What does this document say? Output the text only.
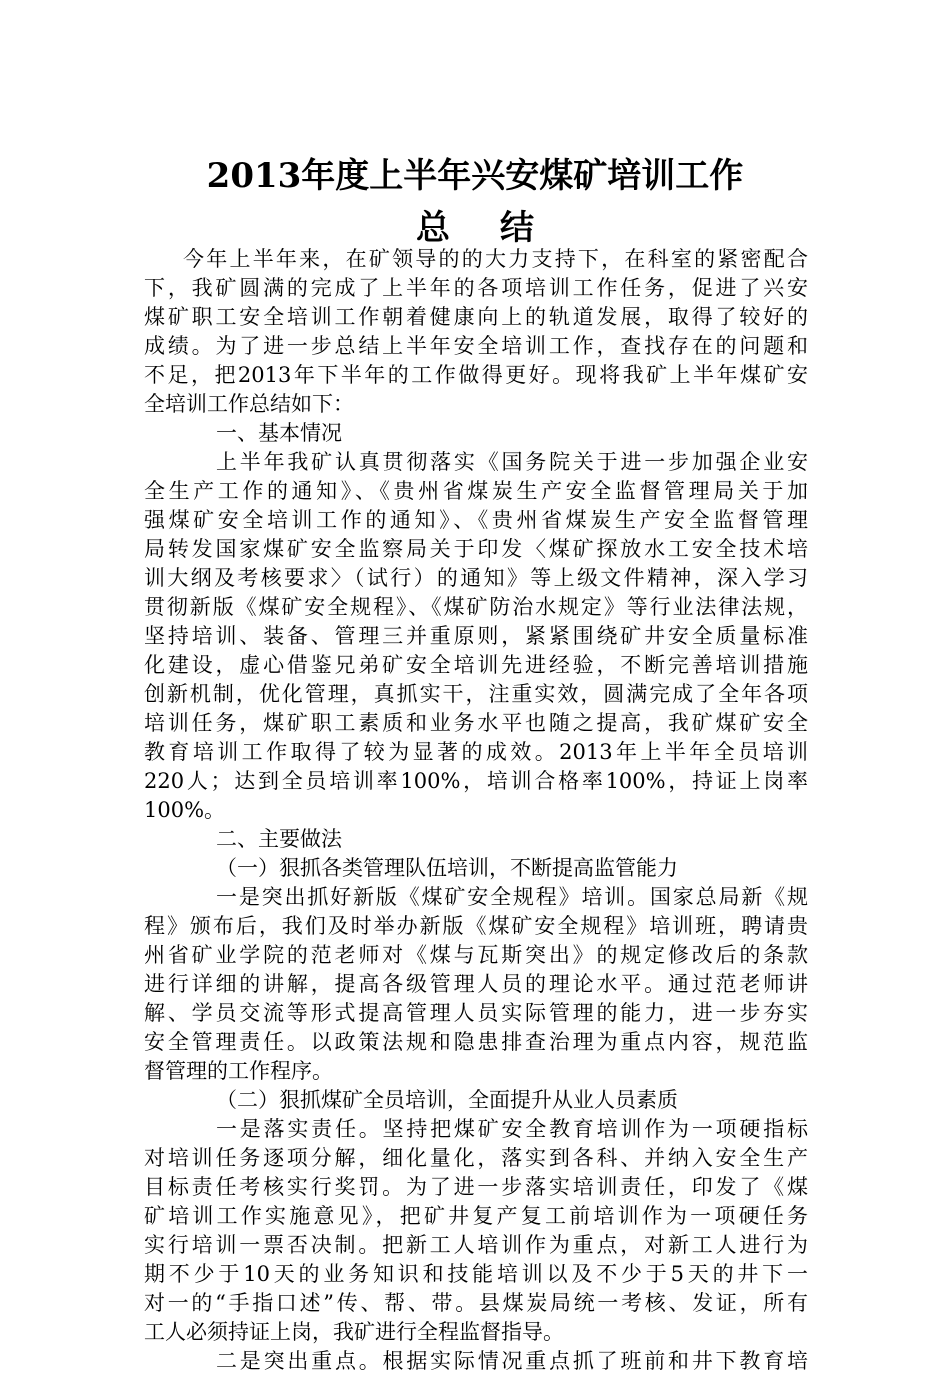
2013年度上半年兴安煤矿培训工作
总结
今年上半年来，在矿领导的的大力支持下，在科室的紧密配合
下，我矿圆满的完成了上半年的各项培训工作任务，促进了兴安
煤矿职工安全培训工作朝着健康向上的轨道发展，取得了较好的
成绩。为了进一步总结上半年安全培训工作，查找存在的问题和
不足，把2013年下半年的工作做得更好。现将我矿上半年煤矿安
全培训工作总结如下：
一、基本情况
上半年我矿认真贯彻落实《国务院关于进一步加强企业安
全生产工作的通知》、《贵州省煤炭生产安全监督管理局关于加
强煤矿安全培训工作的通知》、《贵州省煤炭生产安全监督管理
局转发国家煤矿安全监察局关于印发〈煤矿探放水工安全技术培
训大纲及考核要求〉（试行）的通知》等上级文件精神，深入学习
贯彻新版《煤矿安全规程》、《煤矿防治水规定》等行业法律法规，
坚持培训、装备、管理三并重原则，紧紧围绕矿井安全质量标准
化建设，虚心借鉴兄弟矿安全培训先进经验，不断完善培训措施
创新机制，优化管理，真抓实干，注重实效，圆满完成了全年各项
培训任务，煤矿职工素质和业务水平也随之提高，我矿煤矿安全
教育培训工作取得了较为显著的成效。2013年上半年全员培训
220人；达到全员培训率100%，培训合格率100%，持证上岗率
100%。
二、主要做法
（一）狠抓各类管理队伍培训，不断提高监管能力
一是突出抓好新版《煤矿安全规程》培训。国家总局新《规
程》颁布后，我们及时举办新版《煤矿安全规程》培训班，聘请贵
州省矿业学院的范老师对《煤与瓦斯突出》的规定修改后的条款
进行详细的讲解，提高各级管理人员的理论水平。通过范老师讲
解、学员交流等形式提高管理人员实际管理的能力，进一步夯实
安全管理责任。以政策法规和隐患排查治理为重点内容，规范监
督管理的工作程序。
（二）狠抓煤矿全员培训，全面提升从业人员素质
一是落实责任。坚持把煤矿安全教育培训作为一项硬指标
对培训任务逐项分解，细化量化，落实到各科、并纳入安全生产
目标责任考核实行奖罚。为了进一步落实培训责任，印发了《煤
矿培训工作实施意见》，把矿井复产复工前培训作为一项硬任务
实行培训一票否决制。把新工人培训作为重点，对新工人进行为
期不少于10天的业务知识和技能培训以及不少于5天的井下一
对一的“手指口述”传、帮、带。县煤炭局统一考核、发证，所有
工人必须持证上岗，我矿进行全程监督指导。
二是突出重点。根据实际情况重点抓了班前和井下教育培
